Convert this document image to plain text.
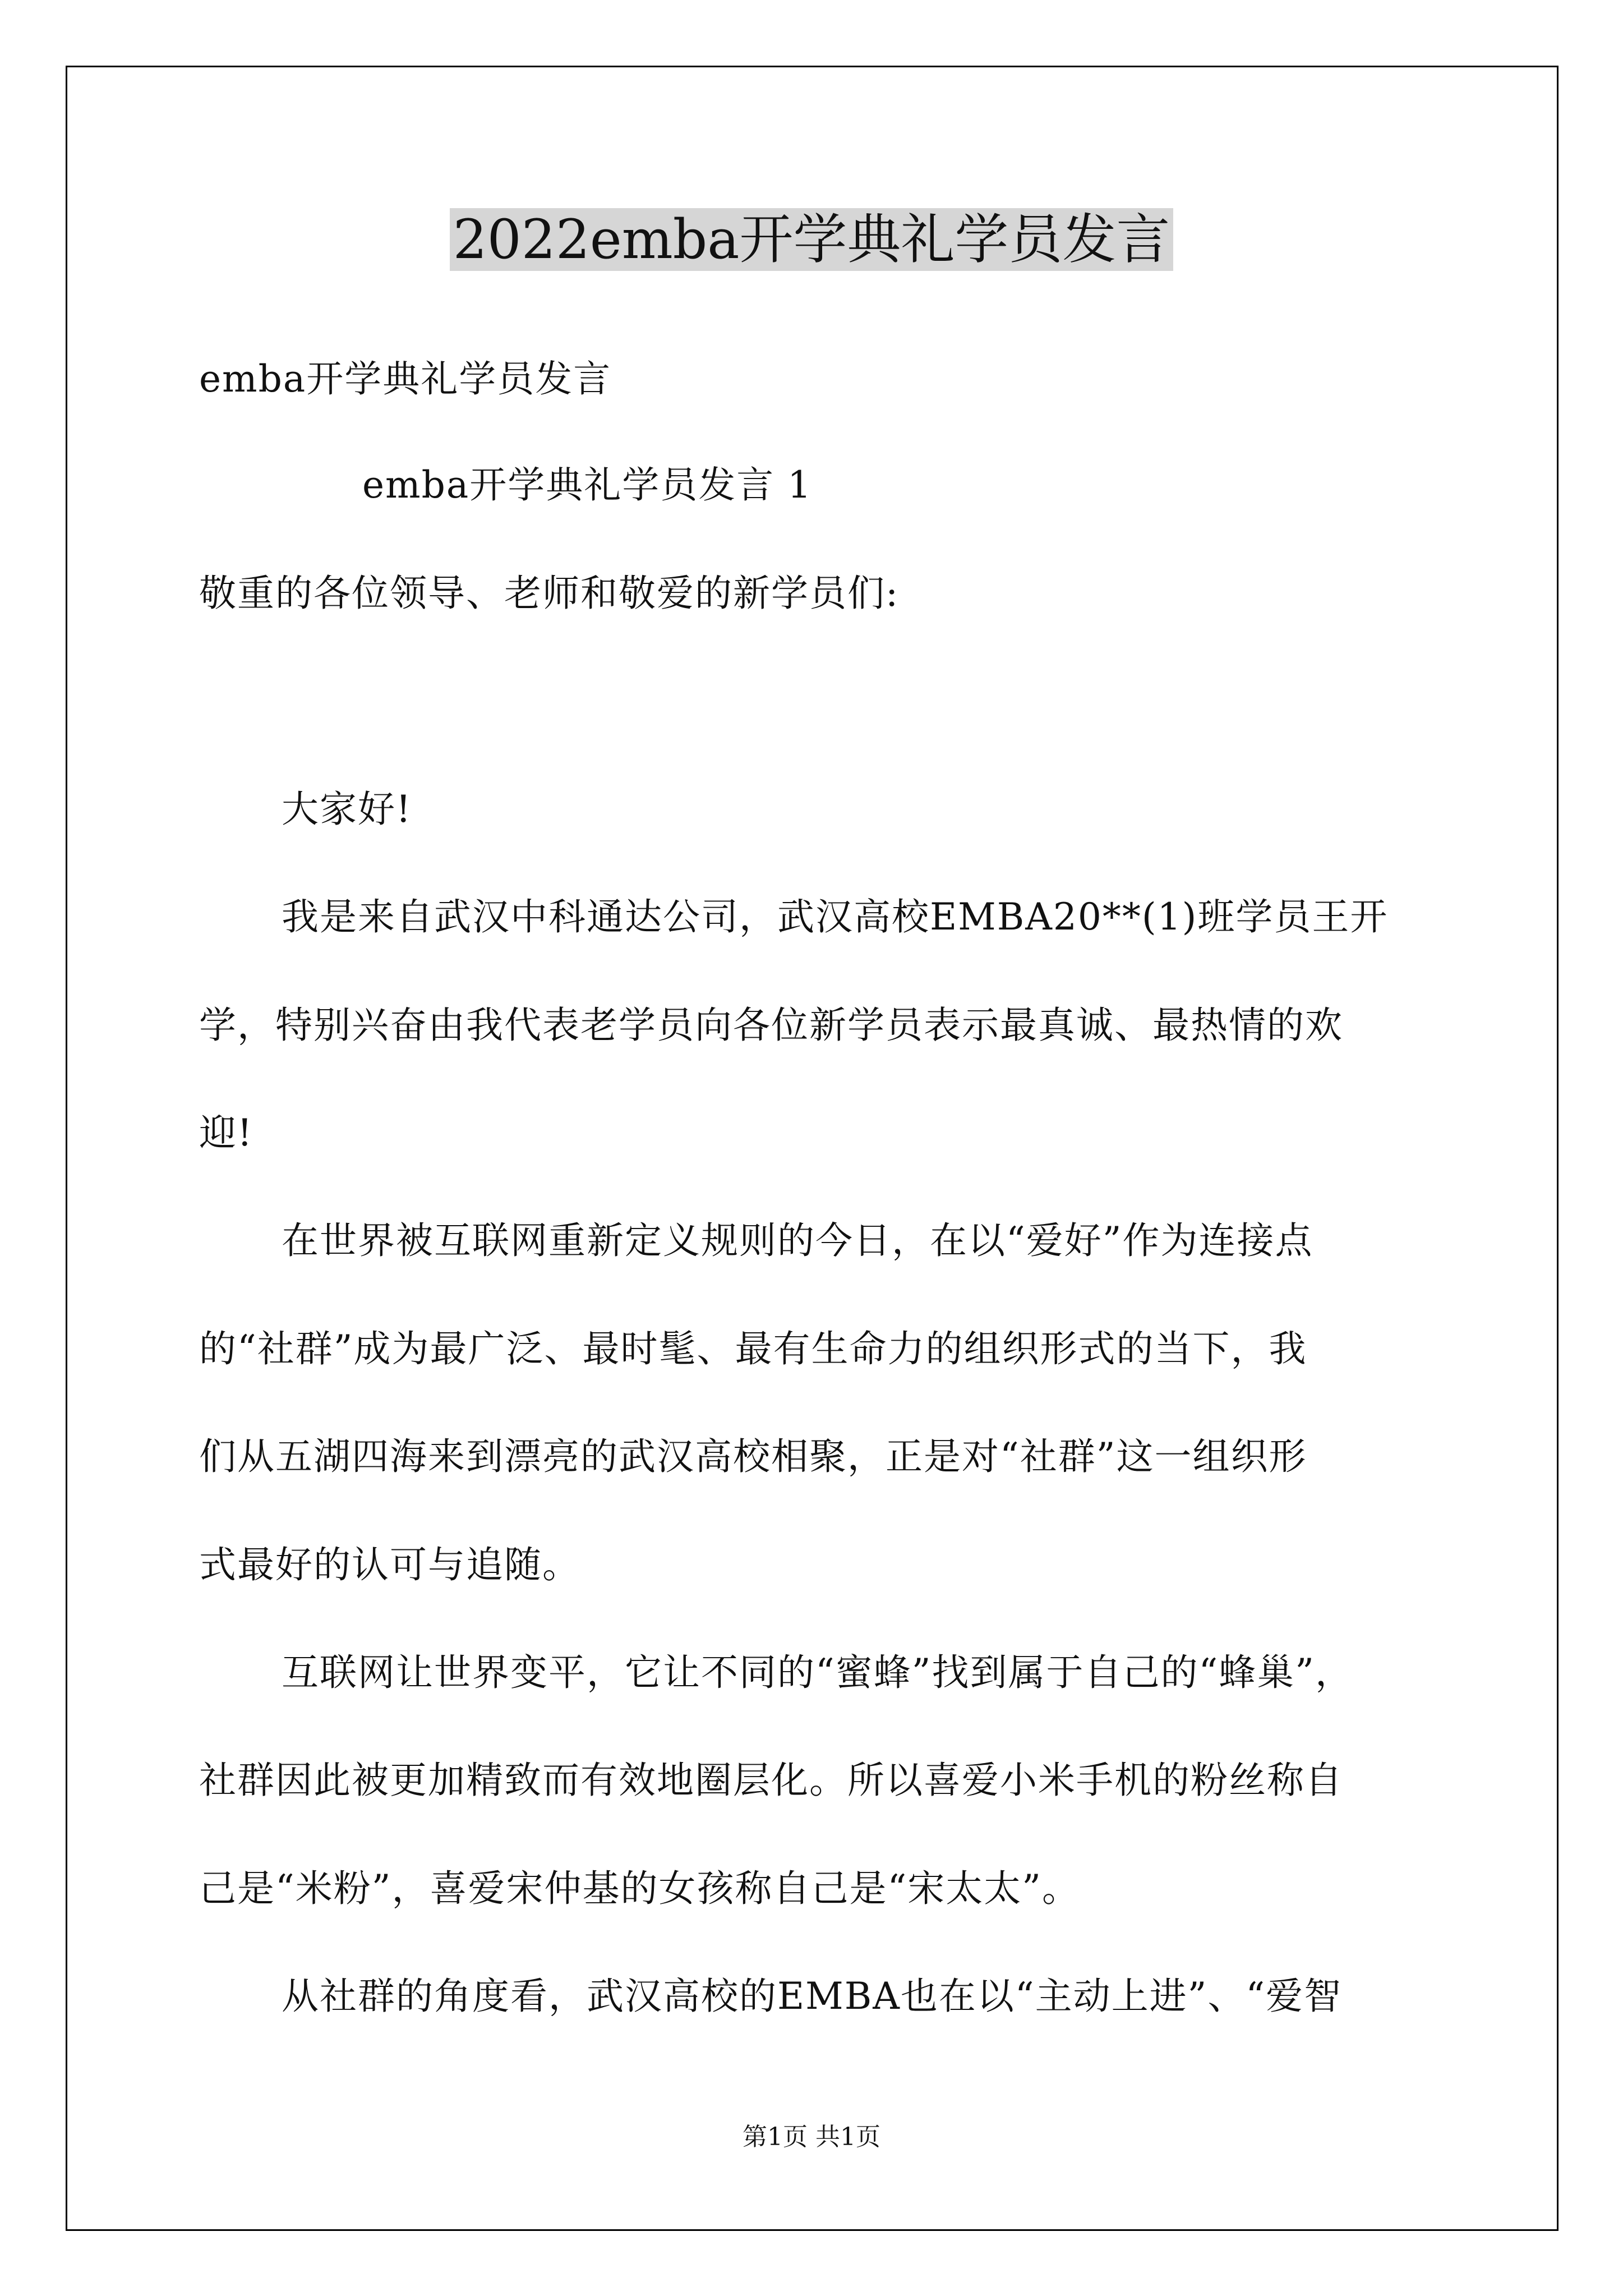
2022emba开学典礼学员发言
emba开学典礼学员发言
emba开学典礼学员发言 1
敬重的各位领导、老师和敬爱的新学员们:
大家好!
我是来自武汉中科通达公司，武汉高校EMBA20**(1)班学员王开
学，特别兴奋由我代表老学员向各位新学员表示最真诚、最热情的欢
迎!
在世界被互联网重新定义规则的今日，在以“爱好”作为连接点
的“社群”成为最广泛、最时髦、最有生命力的组织形式的当下，我
们从五湖四海来到漂亮的武汉高校相聚，正是对“社群”这一组织形
式最好的认可与追随。
互联网让世界变平，它让不同的“蜜蜂”找到属于自己的“蜂巢”，
社群因此被更加精致而有效地圈层化。所以喜爱小米手机的粉丝称自
己是“米粉”，喜爱宋仲基的女孩称自己是“宋太太”。
从社群的角度看，武汉高校的EMBA也在以“主动上进”、“爱智
第1页 共1页
